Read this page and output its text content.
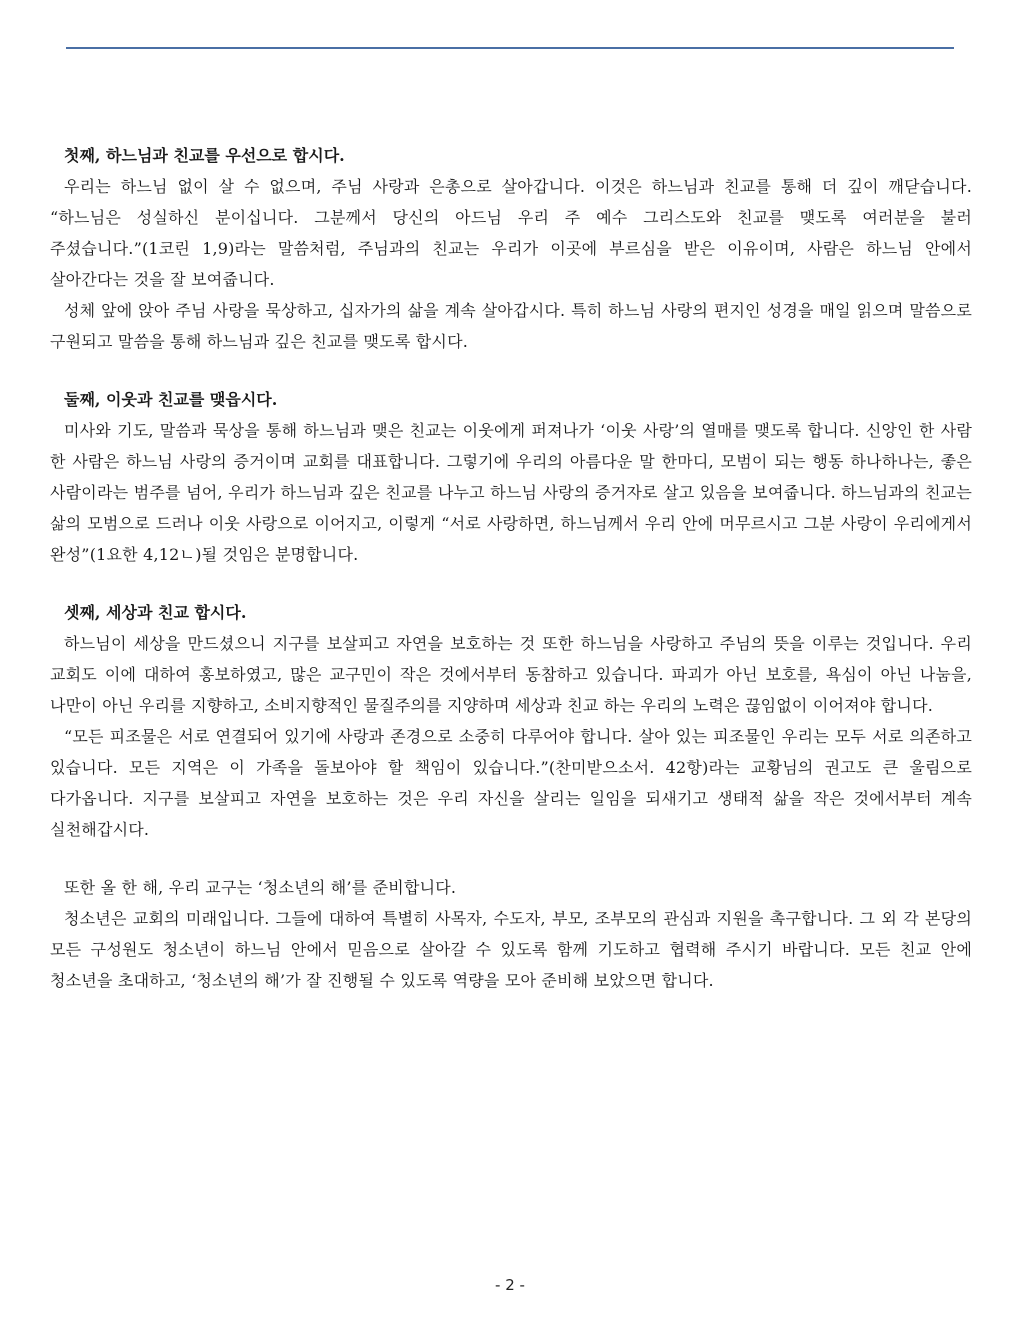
첫째, 하느님과 친교를 우선으로 합시다.

우리는 하느님 없이 살 수 없으며, 주님 사랑과 은총으로 살아갑니다. 이것은 하느님과 친교를 통해 더 깊이 깨닫습니다. “하느님은 성실하신 분이십니다. 그분께서 당신의 아드님 우리 주 예수 그리스도와 친교를 맺도록 여러분을 불러 주셨습니다.”(1코린 1,9)라는 말씀처럼, 주님과의 친교는 우리가 이곳에 부르심을 받은 이유이며, 사람은 하느님 안에서 살아간다는 것을 잘 보여줍니다.

성체 앞에 앉아 주님 사랑을 묵상하고, 십자가의 삶을 계속 살아갑시다. 특히 하느님 사랑의 편지인 성경을 매일 읽으며 말씀으로 구원되고 말씀을 통해 하느님과 깊은 친교를 맺도록 합시다.

둘째, 이웃과 친교를 맺읍시다.

미사와 기도, 말씀과 묵상을 통해 하느님과 맺은 친교는 이웃에게 퍼져나가 ‘이웃 사랑’의 열매를 맺도록 합니다. 신앙인 한 사람 한 사람은 하느님 사랑의 증거이며 교회를 대표합니다. 그렇기에 우리의 아름다운 말 한마디, 모범이 되는 행동 하나하나는, 좋은 사람이라는 범주를 넘어, 우리가 하느님과 깊은 친교를 나누고 하느님 사랑의 증거자로 살고 있음을 보여줍니다. 하느님과의 친교는 삶의 모범으로 드러나 이웃 사랑으로 이어지고, 이렇게 “서로 사랑하면, 하느님께서 우리 안에 머무르시고 그분 사랑이 우리에게서 완성”(1요한 4,12ㄴ)될 것임은 분명합니다.

셋째, 세상과 친교 합시다.

하느님이 세상을 만드셨으니 지구를 보살피고 자연을 보호하는 것 또한 하느님을 사랑하고 주님의 뜻을 이루는 것입니다. 우리 교회도 이에 대하여 홍보하였고, 많은 교구민이 작은 것에서부터 동참하고 있습니다. 파괴가 아닌 보호를, 욕심이 아닌 나눔을, 나만이 아닌 우리를 지향하고, 소비지향적인 물질주의를 지양하며 세상과 친교 하는 우리의 노력은 끊임없이 이어져야 합니다.

“모든 피조물은 서로 연결되어 있기에 사랑과 존경으로 소중히 다루어야 합니다. 살아 있는 피조물인 우리는 모두 서로 의존하고 있습니다. 모든 지역은 이 가족을 돌보아야 할 책임이 있습니다.”(찬미받으소서. 42항)라는 교황님의 권고도 큰 울림으로 다가옵니다. 지구를 보살피고 자연을 보호하는 것은 우리 자신을 살리는 일임을 되새기고 생태적 삶을 작은 것에서부터 계속 실천해갑시다.

또한 올 한 해, 우리 교구는 ‘청소년의 해’를 준비합니다.

청소년은 교회의 미래입니다. 그들에 대하여 특별히 사목자, 수도자, 부모, 조부모의 관심과 지원을 촉구합니다. 그 외 각 본당의 모든 구성원도 청소년이 하느님 안에서 믿음으로 살아갈 수 있도록 함께 기도하고 협력해 주시기 바랍니다. 모든 친교 안에 청소년을 초대하고, ‘청소년의 해’가 잘 진행될 수 있도록 역량을 모아 준비해 보았으면 합니다.

- 2 -
